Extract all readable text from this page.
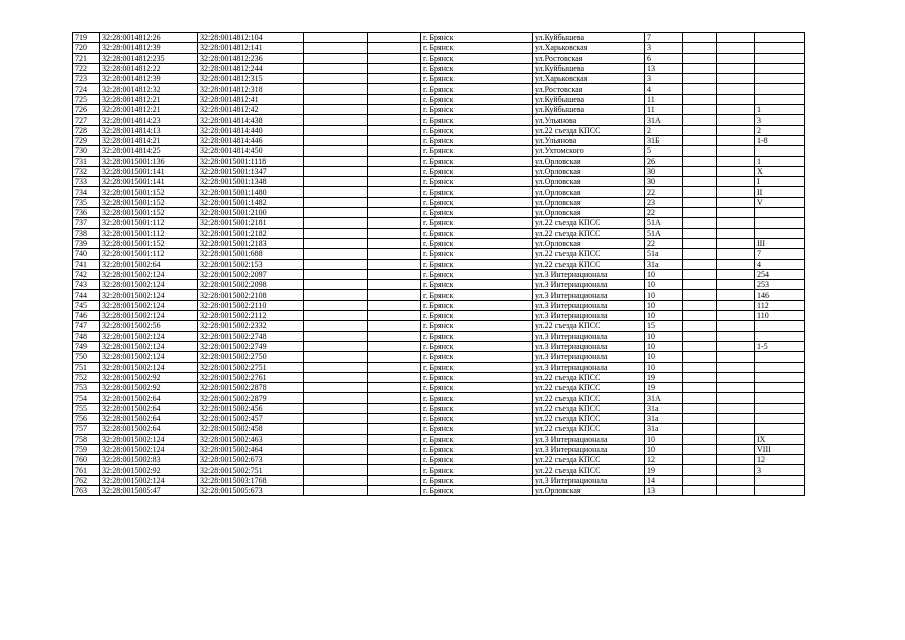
719	32:28:0014812:26	32:28:0014812:104			г. Брянск	ул.Куйбышева	7			
720	32:28:0014812:39	32:28:0014812:141			г. Брянск	ул.Харьковская	3			
721	32:28:0014812:235	32:28:0014812:236			г. Брянск	ул.Ростовская	6			
722	32:28:0014812:22	32:28:0014812:244			г. Брянск	ул.Куйбышева	13			
723	32:28:0014812:39	32:28:0014812:315			г. Брянск	ул.Харьковская	3			
724	32:28:0014812:32	32:28:0014812:318			г. Брянск	ул.Ростовская	4			
725	32:28:0014812:21	32:28:0014812:41			г. Брянск	ул.Куйбышева	11			
726	32:28:0014812:21	32:28:0014812:42			г. Брянск	ул.Куйбышева	11			1
727	32:28:0014814:23	32:28:0014814:438			г. Брянск	ул.Ульянова	31А			3
728	32:28:0014814:13	32:28:0014814:440			г. Брянск	ул.22 съезда КПСС	2			2
729	32:28:0014814:21	32:28:0014814:446			г. Брянск	ул.Ульянова	31Б			1-8
730	32:28:0014814:25	32:28:0014814:450			г. Брянск	ул.Ухтомского	5			
731	32:28:0015001:136	32:28:0015001:1118			г. Брянск	ул.Орловская	26			1
732	32:28:0015001:141	32:28:0015001:1347			г. Брянск	ул.Орловская	30			X
733	32:28:0015001:141	32:28:0015001:1348			г. Брянск	ул.Орловская	30			I
734	32:28:0015001:152	32:28:0015001:1480			г. Брянск	ул.Орловская	22			II
735	32:28:0015001:152	32:28:0015001:1482			г. Брянск	ул.Орловская	23			V
736	32:28:0015001:152	32:28:0015001:2100			г. Брянск	ул.Орловская	22			
737	32:28:0015001:112	32:28:0015001:2181			г. Брянск	ул.22 съезда КПСС	51А			
738	32:28:0015001:112	32:28:0015001:2182			г. Брянск	ул.22 съезда КПСС	51А			
739	32:28:0015001:152	32:28:0015001:2183			г. Брянск	ул.Орловская	22			III
740	32:28:0015001:112	32:28:0015001:688			г. Брянск	ул.22 съезда КПСС	51а			7
741	32:28:0015002:64	32:28:0015002:153			г. Брянск	ул.22 съезда КПСС	31а			4
742	32:28:0015002:124	32:28:0015002:2097			г. Брянск	ул.3 Интернационала	10			254
743	32:28:0015002:124	32:28:0015002:2098			г. Брянск	ул.3 Интернационала	10			253
744	32:28:0015002:124	32:28:0015002:2108			г. Брянск	ул.3 Интернационала	10			146
745	32:28:0015002:124	32:28:0015002:2110			г. Брянск	ул.3 Интернационала	10			112
746	32:28:0015002:124	32:28:0015002:2112			г. Брянск	ул.3 Интернационала	10			110
747	32:28:0015002:56	32:28:0015002:2332			г. Брянск	ул.22 съезда КПСС	15			
748	32:28:0015002:124	32:28:0015002:2748			г. Брянск	ул.3 Интернационала	10			
749	32:28:0015002:124	32:28:0015002:2749			г. Брянск	ул.3 Интернационала	10			1-5
750	32:28:0015002:124	32:28:0015002:2750			г. Брянск	ул.3 Интернационала	10			
751	32:28:0015002:124	32:28:0015002:2751			г. Брянск	ул.3 Интернационала	10			
752	32:28:0015002:92	32:28:0015002:2761			г. Брянск	ул.22 съезда КПСС	19			
753	32:28:0015002:92	32:28:0015002:2878			г. Брянск	ул.22 съезда КПСС	19			
754	32:28:0015002:64	32:28:0015002:2879			г. Брянск	ул.22 съезда КПСС	31А			
755	32:28:0015002:64	32:28:0015002:456			г. Брянск	ул.22 съезда КПСС	31а			
756	32:28:0015002:64	32:28:0015002:457			г. Брянск	ул.22 съезда КПСС	31а			
757	32:28:0015002:64	32:28:0015002:458			г. Брянск	ул.22 съезда КПСС	31а			
758	32:28:0015002:124	32:28:0015002:463			г. Брянск	ул.3 Интернационала	10			IX
759	32:28:0015002:124	32:28:0015002:464			г. Брянск	ул.3 Интернационала	10			VIII
760	32:28:0015002:83	32:28:0015002:673			г. Брянск	ул.22 съезда КПСС	12			12
761	32:28:0015002:92	32:28:0015002:751			г. Брянск	ул.22 съезда КПСС	19			3
762	32:28:0015002:124	32:28:0015003:1768			г. Брянск	ул.3 Интернационала	14			
763	32:28:0015005:47	32:28:0015005:673			г. Брянск	ул.Орловская	13			
